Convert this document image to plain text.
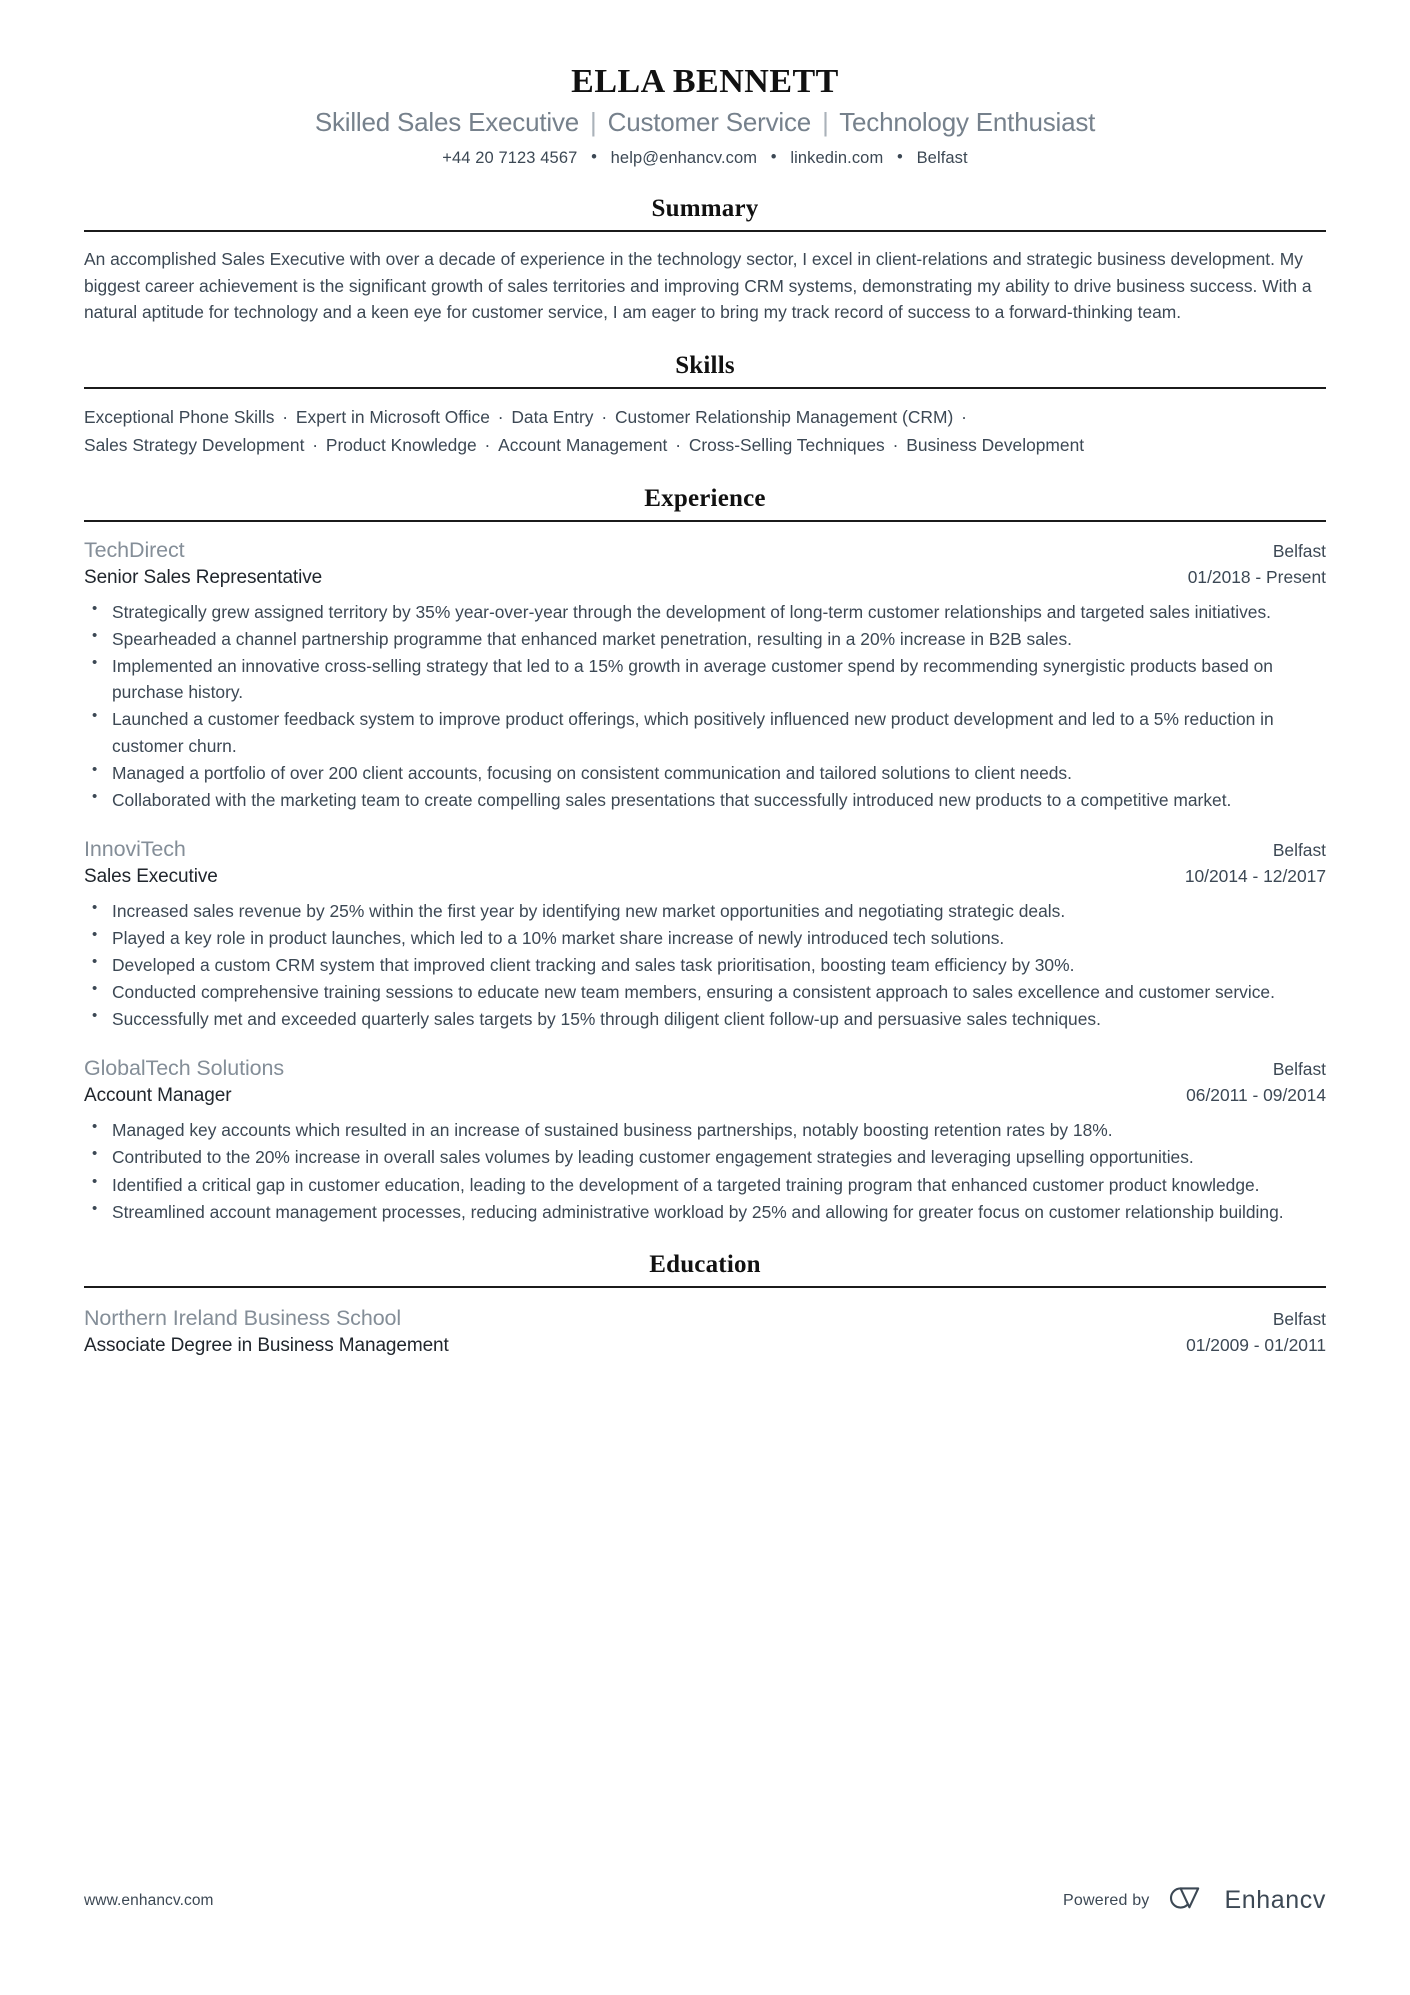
ELLA BENNETT
Skilled Sales Executive | Customer Service | Technology Enthusiast
+44 20 7123 4567 • help@enhancv.com • linkedin.com • Belfast
Summary

An accomplished Sales Executive with over a decade of experience in the technology sector, I excel in client-relations and strategic business development. My biggest career achievement is the significant growth of sales territories and improving CRM systems, demonstrating my ability to drive business success. With a natural aptitude for technology and a keen eye for customer service, I am eager to bring my track record of success to a forward-thinking team.

Skills
Exceptional Phone Skills · Expert in Microsoft Office · Data Entry · Customer Relationship Management (CRM) ·
Sales Strategy Development · Product Knowledge · Account Management · Cross-Selling Techniques · Business Development
Experience
TechDirect	Belfast
Senior Sales Representative	01/2018 - Present
• Strategically grew assigned territory by 35% year-over-year through the development of long-term customer relationships and targeted sales initiatives.
• Spearheaded a channel partnership programme that enhanced market penetration, resulting in a 20% increase in B2B sales.
• Implemented an innovative cross-selling strategy that led to a 15% growth in average customer spend by recommending synergistic products based on purchase history.
• Launched a customer feedback system to improve product offerings, which positively influenced new product development and led to a 5% reduction in customer churn.
• Managed a portfolio of over 200 client accounts, focusing on consistent communication and tailored solutions to client needs.
• Collaborated with the marketing team to create compelling sales presentations that successfully introduced new products to a competitive market.
InnoviTech	Belfast
Sales Executive	10/2014 - 12/2017
• Increased sales revenue by 25% within the first year by identifying new market opportunities and negotiating strategic deals.
• Played a key role in product launches, which led to a 10% market share increase of newly introduced tech solutions.
• Developed a custom CRM system that improved client tracking and sales task prioritisation, boosting team efficiency by 30%.
• Conducted comprehensive training sessions to educate new team members, ensuring a consistent approach to sales excellence and customer service.
• Successfully met and exceeded quarterly sales targets by 15% through diligent client follow-up and persuasive sales techniques.
GlobalTech Solutions	Belfast
Account Manager	06/2011 - 09/2014
• Managed key accounts which resulted in an increase of sustained business partnerships, notably boosting retention rates by 18%.
• Contributed to the 20% increase in overall sales volumes by leading customer engagement strategies and leveraging upselling opportunities.
• Identified a critical gap in customer education, leading to the development of a targeted training program that enhanced customer product knowledge.
• Streamlined account management processes, reducing administrative workload by 25% and allowing for greater focus on customer relationship building.
Education
Northern Ireland Business School	Belfast
Associate Degree in Business Management	01/2009 - 01/2011
www.enhancv.com	Powered by	Enhancv
